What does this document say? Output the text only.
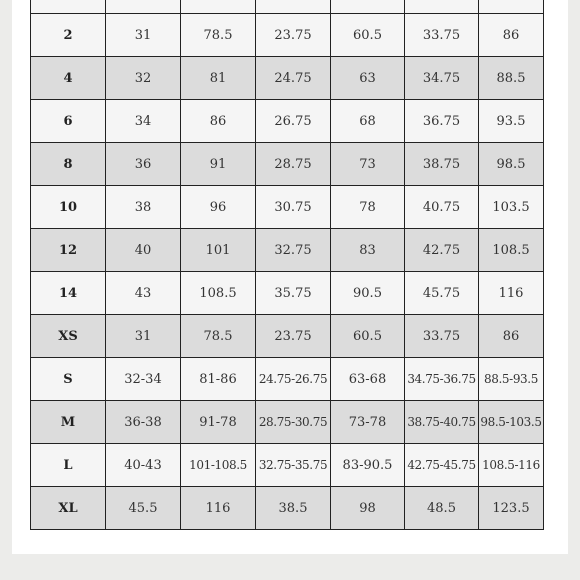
2	31	78.5	23.75	60.5	33.75	86
4	32	81	24.75	63	34.75	88.5
6	34	86	26.75	68	36.75	93.5
8	36	91	28.75	73	38.75	98.5
10	38	96	30.75	78	40.75	103.5
12	40	101	32.75	83	42.75	108.5
14	43	108.5	35.75	90.5	45.75	116
XS	31	78.5	23.75	60.5	33.75	86
S	32-34	81-86	24.75-26.75	63-68	34.75-36.75	88.5-93.5
M	36-38	91-78	28.75-30.75	73-78	38.75-40.75	98.5-103.5
L	40-43	101-108.5	32.75-35.75	83-90.5	42.75-45.75	108.5-116
XL	45.5	116	38.5	98	48.5	123.5
